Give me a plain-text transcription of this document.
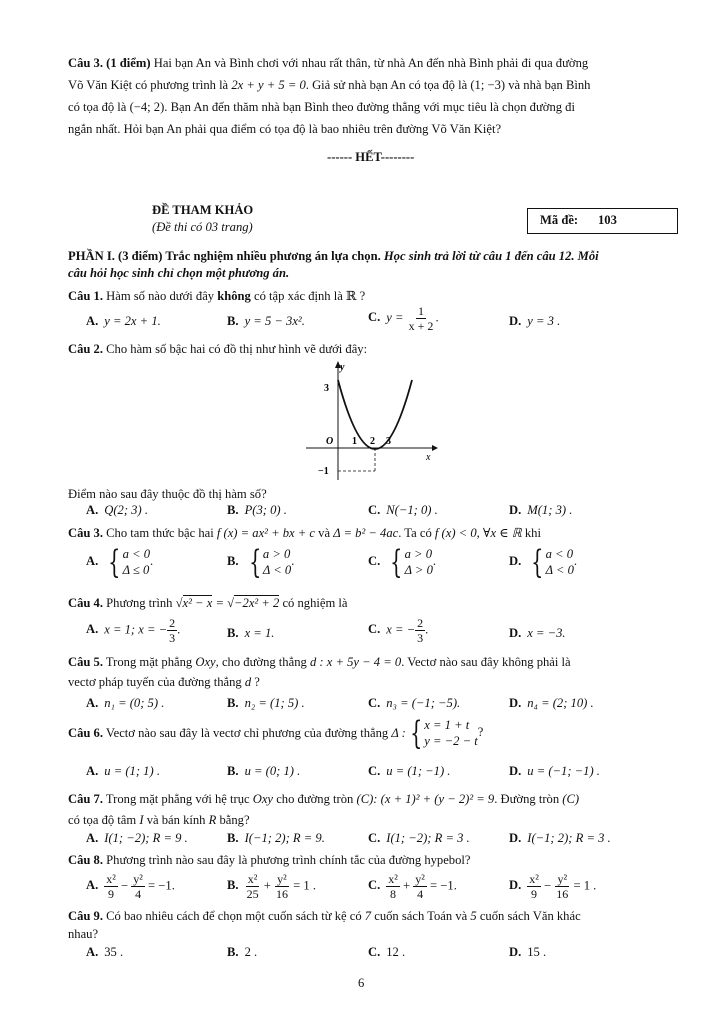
Câu 3. (1 điểm) Hai bạn An và Bình chơi với nhau rất thân, từ nhà An đến nhà Bình phải đi qua đường
Võ Văn Kiệt có phương trình là 2x + y + 5 = 0. Giả sử nhà bạn An có tọa độ là (1; −3) và nhà bạn Bình
có tọa độ là (−4; 2). Bạn An đến thăm nhà bạn Bình theo đường thẳng với mục tiêu là chọn đường đi
ngắn nhất. Hỏi bạn An phải qua điểm có tọa độ là bao nhiêu trên đường Võ Văn Kiệt?
------ HẾT--------
ĐỀ THAM KHẢO
(Đề thi có 03 trang)	Mã đề: 103
PHẦN I. (3 điểm) Trắc nghiệm nhiều phương án lựa chọn. Học sinh trả lời từ câu 1 đến câu 12. Mỗi
câu hỏi học sinh chỉ chọn một phương án.
Câu 1. Hàm số nào dưới đây không có tập xác định là ℝ ?
A. y = 2x + 1.	B. y = 5 − 3x².	C. $y = \frac{1}{x + 2}$ .	D. y = 3 .
Câu 2. Cho hàm số bậc hai có đồ thị như hình vẽ dưới đây:
3
y
x
O 1 2 3
−1
Điểm nào sau đây thuộc đồ thị hàm số?
A. Q(2; 3) .	B. P(3; 0) .	C. N(−1; 0) .	D. M(1; 3) .
Câu 3. Cho tam thức bậc hai f (x) = ax² + bx + c và Δ = b² − 4ac. Ta có f (x) < 0, ∀x ∈ ℝ khi
A. { a < 0
Δ ≤ 0
.	B. { a > 0
Δ < 0
.	C. { a > 0
Δ > 0
.	D. { a < 0
Δ < 0
.
Câu 4. Phương trình √x² − x = √−2x² + 2 có nghiệm là
A. x = 1; x = − $\frac{2}{3}$ .	B. x = 1.	C. x = − $\frac{2}{3}$ .	D. x = −3.
Câu 5. Trong mặt phẳng Oxy, cho đường thẳng d : x + 5y − 4 = 0. Vectơ nào sau đây không phải là
vectơ pháp tuyến của đường thẳng d ?
A. n₁ = (0; 5) .	B. n₂ = (1; 5) .	C. n₃ = (−1; −5).	D. n₄ = (2; 10) .
Câu 6. Vectơ nào sau đây là vectơ chỉ phương của đường thẳng Δ : { x = 1 + t
y = −2 − t
?
A. u = (1; 1) .	B. u = (0; 1) .	C. u = (1; −1) .	D. u = (−1; −1) .
Câu 7. Trong mặt phẳng với hệ trục Oxy cho đường tròn (C): (x + 1)² + (y − 2)² = 9. Đường tròn (C)
có tọa độ tâm I và bán kính R bằng?
A. I(1; −2); R = 9 .	B. I(−1; 2); R = 9.	C. I(1; −2); R = 3 .	D. I(−1; 2); R = 3 .
Câu 8. Phương trình nào sau đây là phương trình chính tắc của đường hypebol?
A. $\frac{\text{x²}}{9} - \frac{\text{y²}}{4} = -1$.	B. $\frac{\text{x²}}{25} + \frac{\text{y²}}{16} = 1$ .	C. $\frac{\text{x²}}{8} + \frac{\text{y²}}{4} = -1$.	D. $\frac{\text{x²}}{9} - \frac{\text{y²}}{16} = 1$ .
Câu 9. Có bao nhiêu cách để chọn một cuốn sách từ kệ có 7 cuốn sách Toán và 5 cuốn sách Văn khác
nhau?
A. 35 .	B. 2 .	C. 12 .	D. 15 .
6
